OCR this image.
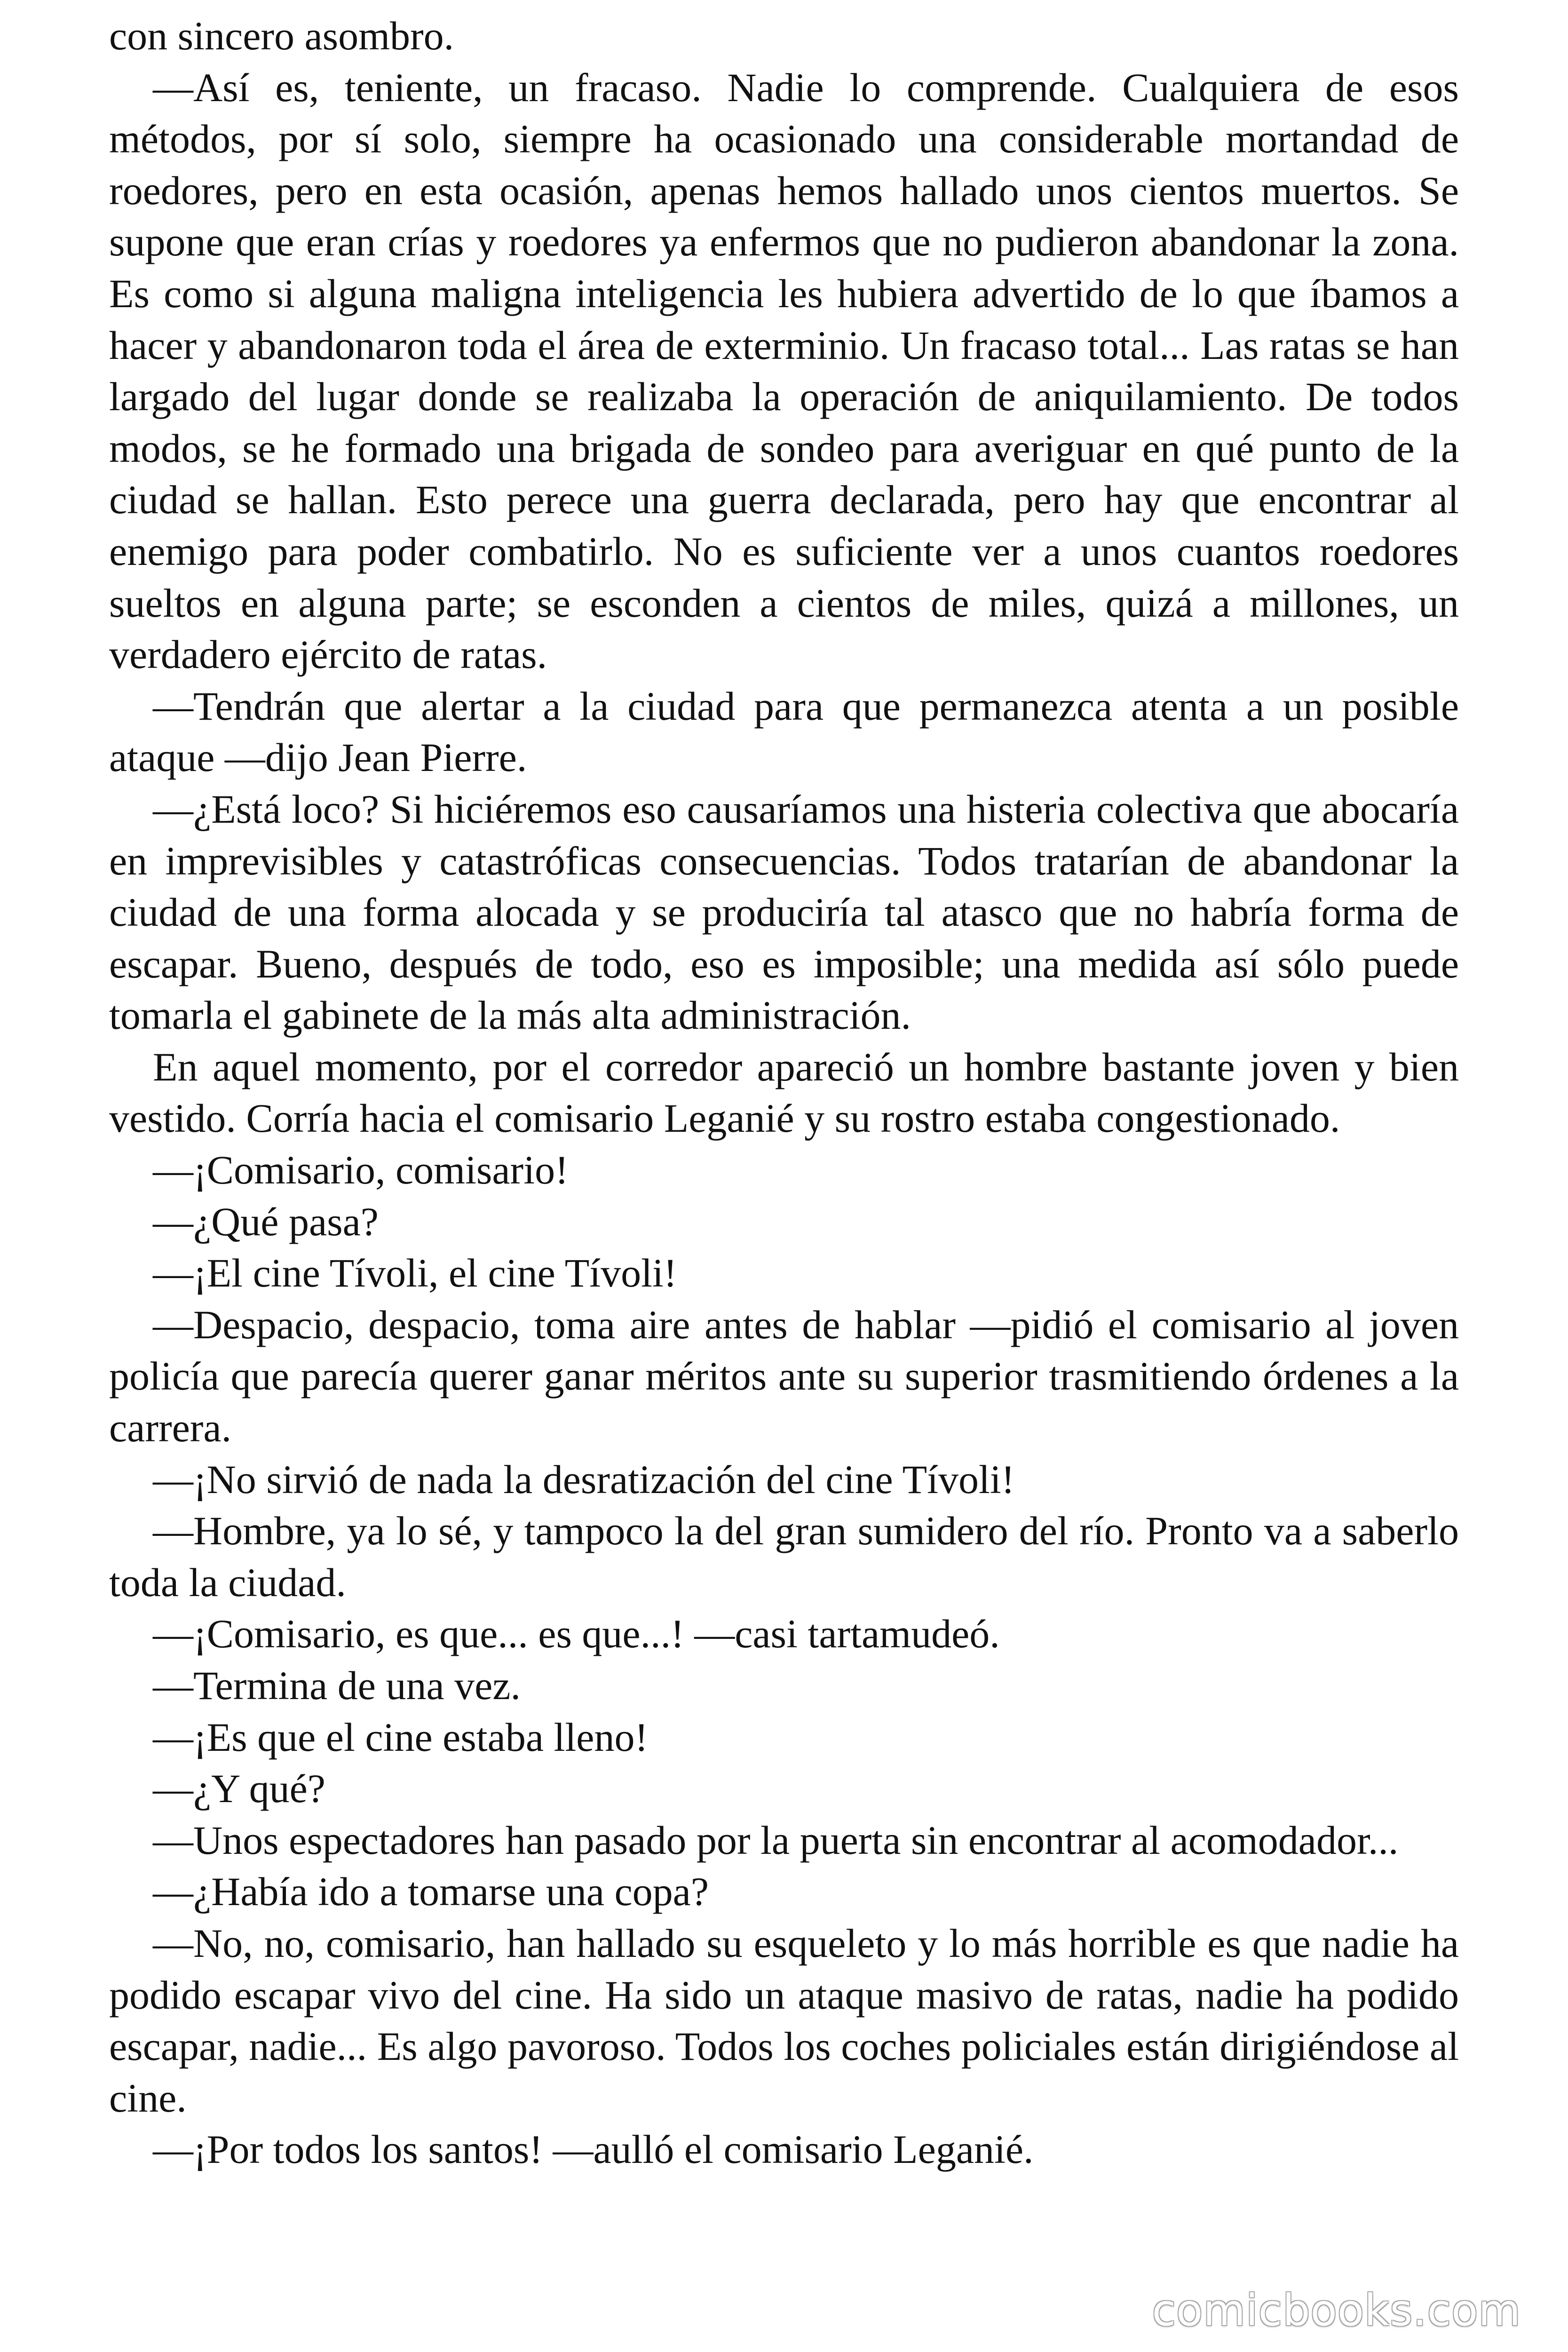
con sincero asombro.

—Así es, teniente, un fracaso. Nadie lo comprende. Cualquiera de esos métodos, por sí solo, siempre ha ocasionado una considerable mortandad de roedores, pero en esta ocasión, apenas hemos hallado unos cientos muertos. Se supone que eran crías y roedores ya enfermos que no pudieron abandonar la zona. Es como si alguna maligna inteligencia les hubiera advertido de lo que íbamos a hacer y abandonaron toda el área de exterminio. Un fracaso total... Las ratas se han largado del lugar donde se realizaba la operación de aniquilamiento. De todos modos, se he formado una brigada de sondeo para averiguar en qué punto de la ciudad se hallan. Esto perece una guerra declarada, pero hay que encontrar al enemigo para poder combatirlo. No es suficiente ver a unos cuantos roedores sueltos en alguna parte; se esconden a cientos de miles, quizá a millones, un verdadero ejército de ratas.

—Tendrán que alertar a la ciudad para que permanezca atenta a un posible ataque —dijo Jean Pierre.

—¿Está loco? Si hiciéremos eso causaríamos una histeria colectiva que abocaría en imprevisibles y catastróficas consecuencias. Todos tratarían de abandonar la ciudad de una forma alocada y se produciría tal atasco que no habría forma de escapar. Bueno, después de todo, eso es imposible; una medida así sólo puede tomarla el gabinete de la más alta administración.

En aquel momento, por el corredor apareció un hombre bastante joven y bien vestido. Corría hacia el comisario Leganié y su rostro estaba congestionado.

—¡Comisario, comisario!

—¿Qué pasa?

—¡El cine Tívoli, el cine Tívoli!

—Despacio, despacio, toma aire antes de hablar —pidió el comisario al joven policía que parecía querer ganar méritos ante su superior trasmitiendo órdenes a la carrera.

—¡No sirvió de nada la desratización del cine Tívoli!

—Hombre, ya lo sé, y tampoco la del gran sumidero del río. Pronto va a saberlo toda la ciudad.

—¡Comisario, es que... es que...! —casi tartamudeó.

—Termina de una vez.

—¡Es que el cine estaba lleno!

—¿Y qué?

—Unos espectadores han pasado por la puerta sin encontrar al acomodador...

—¿Había ido a tomarse una copa?

—No, no, comisario, han hallado su esqueleto y lo más horrible es que nadie ha podido escapar vivo del cine. Ha sido un ataque masivo de ratas, nadie ha podido escapar, nadie... Es algo pavoroso. Todos los coches policiales están dirigiéndose al cine.

—¡Por todos los santos! —aulló el comisario Leganié.

comicbooks.com
